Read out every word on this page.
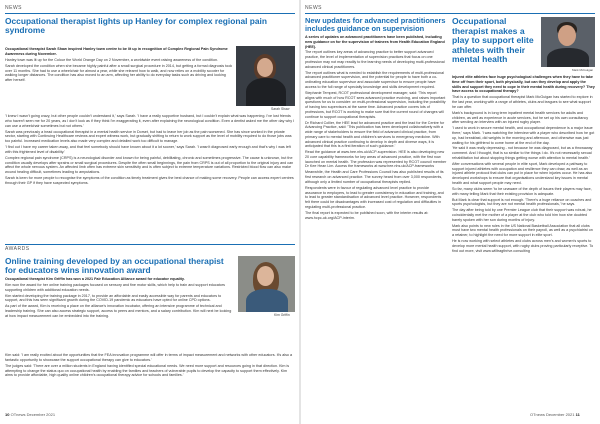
NEWS
Occupational therapist lights up Hanley for complex regional pain syndrome
Occupational therapist Sarah Shaw inspired Hanley town centre to be lit up in recognition of Complex Regional Pain Syndrome Awareness during November.
Hanley town was lit up for the Colour the World Orange Day on 2 November, a worldwide event raising awareness of the condition.
Sarah developed the condition when she became highly painful after a small surgical procedure in 2014, but getting a formal diagnosis took over 11 months. She had to use a wheelchair for almost a year, while she relearnt how to walk, and now relies on a mobility scooter for walking longer distances. The condition has also moved to an arm, affecting her ability to do everyday tasks such as driving and looking after herself.
Sarah Shaw
'I knew I wasn't going crazy, but other people couldn't understand it,' says Sarah. 'I have a really supportive husband, but I couldn't explain what was happening. I've lost friends who haven't seen me for 20 years, as I don't look as if they think I'm exaggerating it, even after explaining the neurological condition. Even a dentist asked me the other day why I can use a wheelchair sometimes but not others.'
Sarah was previously a head occupational therapist in a mental health service in Dorset, but had to leave her job as the pain worsened. She has since worked in the private sector, starting with Continuing Healthcare reviews and expert witness work, but gradually shifting to return to work support as the level of mobility required to do those jobs was too painful. Increased medication levels also made very complex and detailed work too difficult to manage.
'I find out I have my career taken away, and that feel somebody should have known about it a lot sooner,' says Sarah. 'I wasn't diagnosed early enough and that's why I was left with this frightened level of disability.'
Complex regional pain syndrome (CRPS) is a neurological disorder and known for being painful, debilitating, chronic and sometimes progressive. The cause is unknown, but the condition usually develops after sprains or small surgical procedures. Despite the often small beginnings, the pain from CRPS is out of all proportion to the original injury and can affect the whole nervous system. An affected limb often has extreme skin sensitivity and is often subject to extreme temperature variations. Restricted blood flow can also make wound healing difficult, sometimes leading to amputations.
Sarah is keen for more people to recognise the symptoms of the condition as timely treatment gives the best chance of making some recovery. People can access expert centres through their GP if they have suspected symptoms.
AWARDS
Online training developed by an occupational therapist for educators wins innovation award
Occupational therapist Kim Griffin has won a 2021 Fair Education Alliance award for educator equality.
Kim won the award for her online training packages focused on sensory and fine motor skills, which help to train and support educators supporting children with additional education needs.
Kim started developing the training package in 2017, to provide an affordable and easily accessible way for parents and educators to support, and this has seen significant growth during the COVID-19 pandemic as educators have opted for online CPD options.
As part of the award, Kim is receiving a place on the alliance's innovation incubator, offering an intensive programme of technical and leadership training. She can also access strategic support, access to peers and mentors, and a salary contribution. Kim will next be looking at how impact measurement can be embedded into the training.	Kim Griffin
Kim said: 'I am really excited about the opportunities that the FEA innovation programme will offer in terms of impact measurement and networks with other educators. It's also a fantastic opportunity to showcase the support occupational therapy can give to educators.'
The judges said: 'There are over a million students in England having identified special educational needs. We need more support and resources going in that direction. Kim is attempting to change the status quo on occupational health by enabling the families and teachers of vulnerable pupils to develop the capacity to support them effectively. Kim aims to provide affordable, high quality online children's occupational therapy advice for schools and families.'
10 OTnews December 2021
NEWS
New updates for advanced practitioners includes guidance on supervision
A series of updates on advanced practitioners have been published, including new guidance on for the supervision of trainees from Health Education England (HEE).
The report outlines key areas of advancing practice to better support advanced practice, the level of implementation of supervision practices that focus on one profession may not map readily to the learning needs of developing multi-professional advanced clinical practitioners.
The report outlines what is needed to establish the requirements of multi-professional advanced practitioner supervision, and the potential for people to have both a co-ordinating education supervisor and associate supervisor to ensure people have access to the full range of specialty knowledge and skills development required.
Stephanie Tempest, RCOT professional development manager, said: 'This report aligns with much of how RCOT sees advanced practice evolving, and raises important questions for us to consider: on multi-professional supervision, including the possibility of having two supervisors at the same time. Advanced practice covers lots of professions, but RCOT is working to make sure that the current round of changes will continue to support occupational therapists.
Dr Richard Collier, the HEE lead for advanced practice and the lead for the Centre for Advancing Practice, said: 'This publication has been developed collaboratively with a wide range of stakeholders to ensure the field of advanced clinical practice, from primary care to mental health and children's services to emergency medicine. With advanced clinical practice continuing to develop in depth and diverse ways, it is anticipated that this is a first iteration of such guidance.'
Read the guidance at www.hee.nhs.uk/ACP-supervision. HEE is also developing new 20 core capability frameworks for key areas of advanced practice, with the first now launched on mental health. The profession was represented by RCOT council member Dr Kee Hean Lim. Access the frameworks at www.hee.nhs.uk/ACP-frameworks
Meanwhile, the Health and Care Professions Council has also published results of its first research on advanced practice. The survey heard from over 3,000 respondents, although only a limited number of occupational therapists replied.
Respondents were in favour of regulating advanced level practice to provide assurance to employers, to lead to greater consistency in education and training, and to lead to greater standardisation of advanced level practice. However, respondents felt there could be disadvantages with increased cost of regulation and difficulties in regulating multi-professional practice.
The final report is expected to be published soon, with the interim results at: www.hcpc-uk.org/ACP-interim.
Occupational therapist makes a play to support elite athletes with their mental health
Mark McGuigan
Injured elite athletes face huge psychological challenges when they have to take time off from their sport, both physically, but can they develop and apply the skills and support they need to cope in their mental health during recovery? They have access to occupational therapy?
That is a question that occupational therapist Mark McGuigan has started to explore in the last year, working with a range of athletes, clubs and leagues to see what support he can offer.
Mark's background is in long term inpatient mental health services for adults and children, as well as experience in acute services, but he set up his own consultancy after sending an interview with an injured rugby player.
'I used to work in secure mental health, and occupational dependence is a major issue there,' says Mark. 'I was watching the interview with a player who described how he got up, had breakfast, did weights in the morning and afternoon, and otherwise was just waiting for his girlfriend to come home at the end of the day.
'He said it was really depressing - not because he was diagnosed, but as a throwaway comment. And I thought, that is so similar to the things I do. It's not necessarily sexual rehabilitation but about stopping things getting worse with attention to mental health.'
After conversations with several people in elite sport, Mark developed a pathway to support injured athletes with occupation and resilience they can draw, as well as an injured athlete protocol that clubs can put in place for when injuries occur. He has also developed workshops to ensure that organisations understand key issues in mental health and what support people may need.
So far, many clubs seem 'to be unaware of the depth of issues their players may face, with many telling Mark that their existing provision is adequate.
But Mark is clear that support is not enough. 'There's a huge reliance on coaches and sports psychologists, but they are not mental health professionals,' he says.
The day after being told by one Premier League club that their support was robust, he coincidentally met the mother of a player at the club who told him how she doubted barely spoken with her son during months of injury.
Mark also points to new rules in the US National Basketball Association that all clubs must have two mental health professionals on their payroll, as well as a psychiatrist on a retainer, to highlight the need for more support in elite sport.
He is now working with select athletes and clubs across men's and women's sports to develop more mental health support, with rugby clubs proving particularly receptive. To find out more, visit www.willtragthrive.consulting
OTnews December 2021 11
